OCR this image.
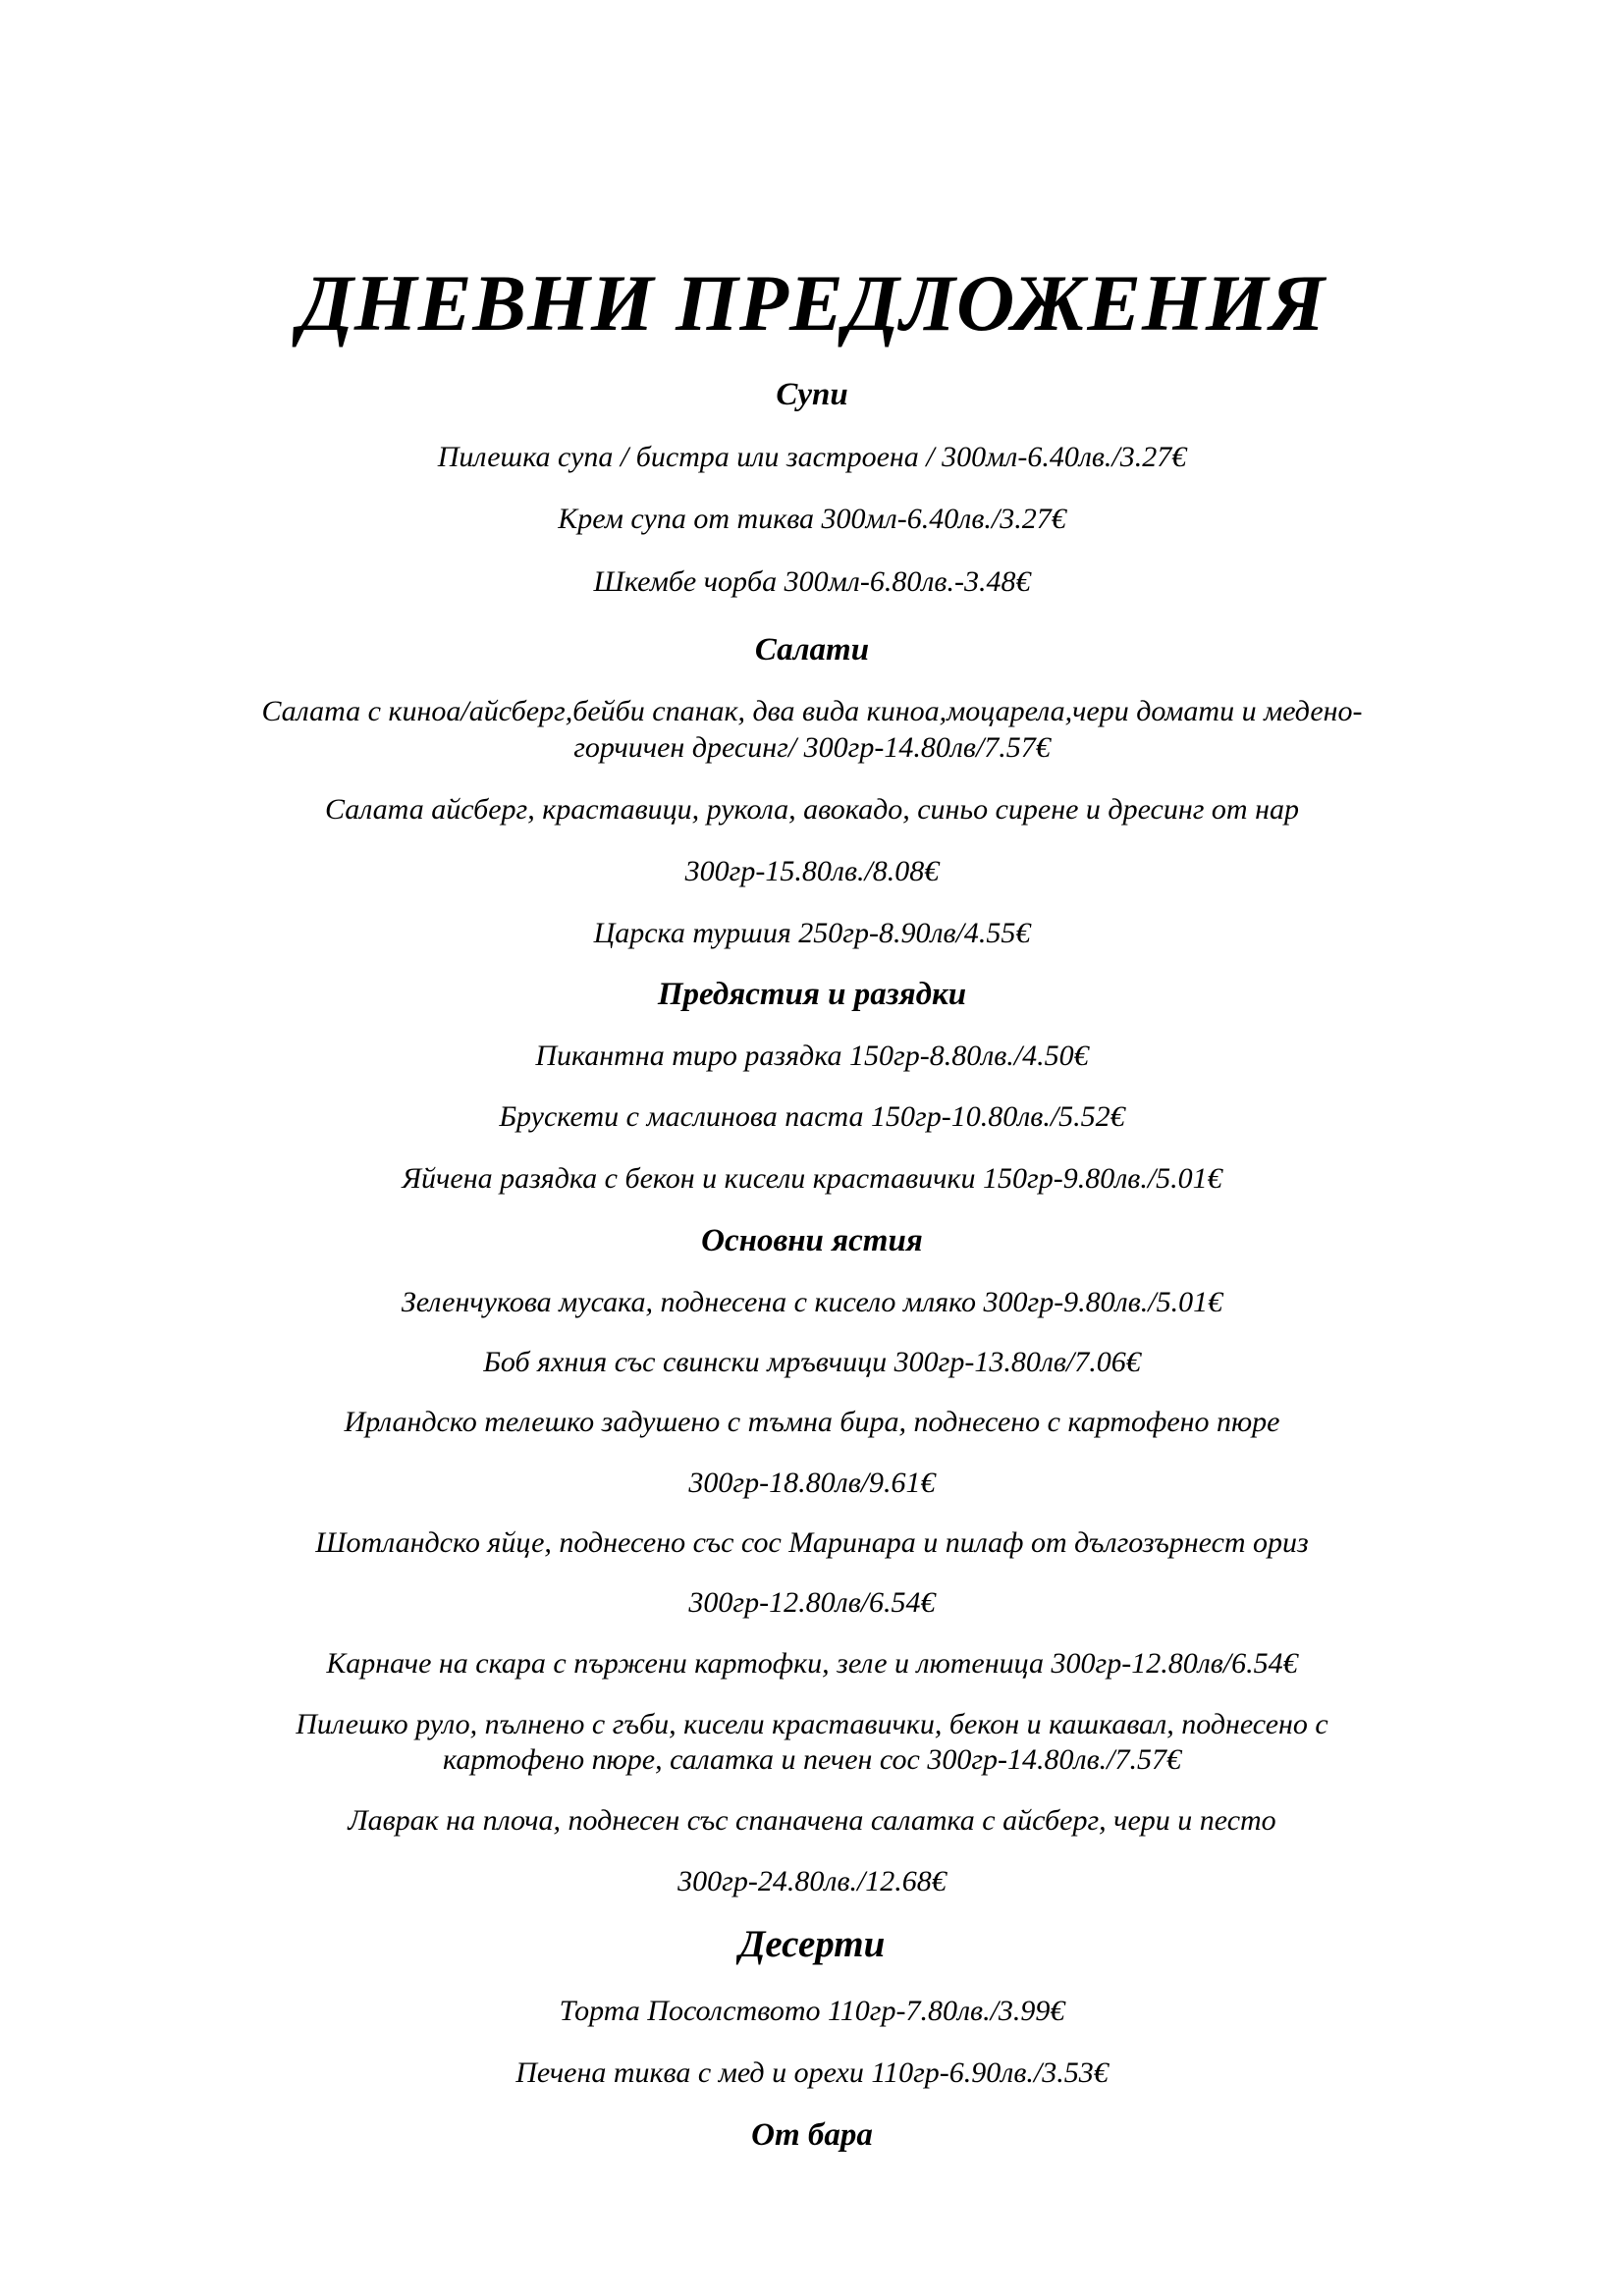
ДНЕВНИ ПРЕДЛОЖЕНИЯ
Супи
Пилешка супа / бистра или застроена / 300мл-6.40лв./3.27€
Крем супа от тиква 300мл-6.40лв./3.27€
Шкембе чорба 300мл-6.80лв.-3.48€
Салати
Салата с киноа/айсберг,бейби спанак, два вида киноа,моцарела,чери домати и медено-
горчичен дресинг/ 300гр-14.80лв/7.57€
Салата айсберг, краставици, рукола, авокадо, синьо сирене и дресинг от нар
300гр-15.80лв./8.08€
Царска туршия 250гр-8.90лв/4.55€
Предястия и разядки
Пикантна тиро разядка 150гр-8.80лв./4.50€
Брускети с маслинова паста 150гр-10.80лв./5.52€
Яйчена разядка с бекон и кисели краставички 150гр-9.80лв./5.01€
Основни ястия
Зеленчукова мусака, поднесена с кисело мляко 300гр-9.80лв./5.01€
Боб яхния със свински мръвчици 300гр-13.80лв/7.06€
Ирландско телешко задушено с тъмна бира, поднесено с картофено пюре
300гр-18.80лв/9.61€
Шотландско яйце, поднесено със сос Маринара и пилаф от дългозърнест ориз
300гр-12.80лв/6.54€
Карначе на скара с пържени картофки, зеле и лютеница 300гр-12.80лв/6.54€
Пилешко руло, пълнено с гъби, кисели краставички, бекон и кашкавал, поднесено с
картофено пюре, салатка и печен сос 300гр-14.80лв./7.57€
Лаврак на плоча, поднесен със спаначена салатка с айсберг, чери и песто
300гр-24.80лв./12.68€
Десерти
Торта Посолството 110гр-7.80лв./3.99€
Печена тиква с мед и орехи 110гр-6.90лв./3.53€
От бара
